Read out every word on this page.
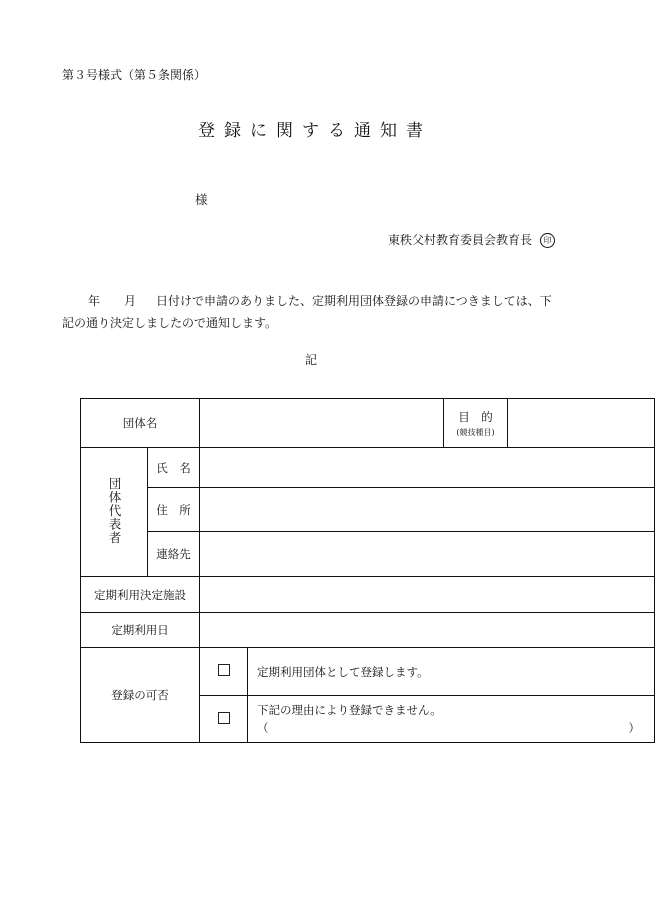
第３号様式（第５条関係）
登録に関する通知書
様
東秩父村教育委員会教育長 印
年 月 日付けで申請のありました、定期利用団体登録の申請につきましては、下
記の通り決定しましたので通知します。
記
団体名				目　的
(競技種目)	

団体代表者	氏　名				
	住　所				
	連絡先				
定期利用決定施設					
定期利用日					
登録の可否			定期利用団体として登録します。		

			下記の理由により登録できません。
（ ）		
